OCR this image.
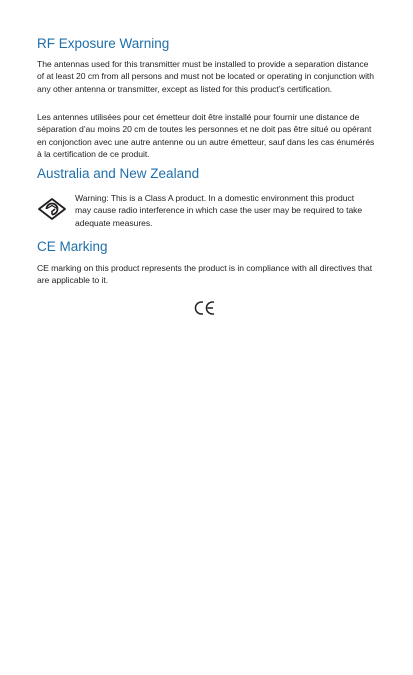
RF Exposure Warning

The antennas used for this transmitter must be installed to provide a separation distance of at least 20 cm from all persons and must not be located or operating in conjunction with any other antenna or transmitter, except as listed for this product’s certification.

Les antennes utilisées pour cet émetteur doit être installé pour fournir une distance de séparation d’au moins 20 cm de toutes les personnes et ne doit pas être situé ou opérant en conjonction avec une autre antenne ou un autre émetteur, sauf dans les cas énumérés à la certification de ce produit.

Australia and New Zealand

Warning: This is a Class A product. In a domestic environment this product may cause radio interference in which case the user may be required to take adequate measures.

CE Marking

CE marking on this product represents the product is in compliance with all directives that are applicable to it.
